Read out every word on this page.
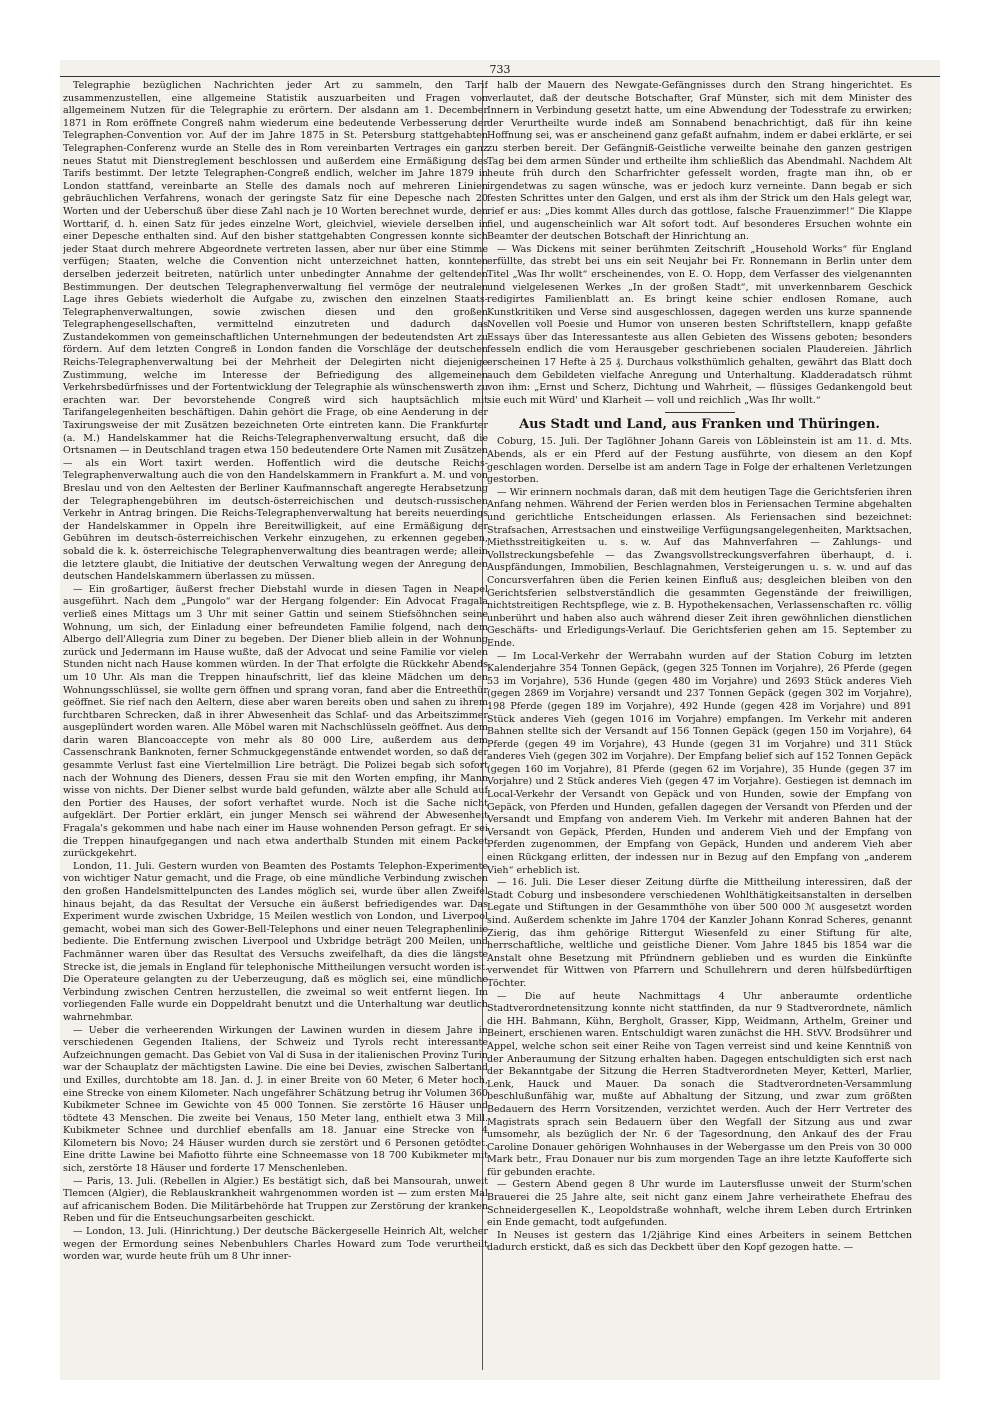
733

Telegraphie bezüglichen Nachrichten jeder Art zu sammeln, den Tarif zusammenzustellen, eine allgemeine Statistik auszuarbeiten und Fragen von allgemeinem Nutzen für die Telegraphie zu erörtern. Der alsdann am 1. December 1871 in Rom eröffnete Congreß nahm wiederum eine bedeutende Verbesserung der Telegraphen-Convention vor. Auf der im Jahre 1875 in St. Petersburg stattgehabten Telegraphen-Conferenz wurde an Stelle des in Rom vereinbarten Vertrages ein ganz neues Statut mit Dienstreglement beschlossen und außerdem eine Ermäßigung des Tarifs bestimmt. Der letzte Telegraphen-Congreß endlich, welcher im Jahre 1879 in London stattfand, vereinbarte an Stelle des damals noch auf mehreren Linien gebräuchlichen Verfahrens, wonach der geringste Satz für eine Depesche nach 20 Worten und der Ueberschuß über diese Zahl nach je 10 Worten berechnet wurde, den Worttarif, d. h. einen Satz für jedes einzelne Wort, gleichviel, wieviele derselben in einer Depesche enthalten sind. Auf den bisher stattgehabten Congressen konnte sich jeder Staat durch mehrere Abgeordnete vertreten lassen, aber nur über eine Stimme verfügen; Staaten, welche die Convention nicht unterzeichnet hatten, konnten derselben jederzeit beitreten, natürlich unter unbedingter Annahme der geltenden Bestimmungen. Der deutschen Telegraphenverwaltung fiel vermöge der neutralen Lage ihres Gebiets wiederholt die Aufgabe zu, zwischen den einzelnen Staats-Telegraphenverwaltungen, sowie zwischen diesen und den großen Telegraphengesellschaften, vermittelnd einzutreten und dadurch das Zustandekommen von gemeinschaftlichen Unternehmungen der bedeutendsten Art zu fördern. Auf dem letzten Congreß in London fanden die Vorschläge der deutschen Reichs-Telegraphenverwaltung bei der Mehrheit der Delegirten nicht diejenige Zustimmung, welche im Interesse der Befriedigung des allgemeinen Verkehrsbedürfnisses und der Fortentwicklung der Telegraphie als wünschenswerth zu erachten war. Der bevorstehende Congreß wird sich hauptsächlich mit Tarifangelegenheiten beschäftigen. Dahin gehört die Frage, ob eine Aenderung in der Taxirungsweise der mit Zusätzen bezeichneten Orte eintreten kann. Die Frankfurter (a. M.) Handelskammer hat die Reichs-Telegraphenverwaltung ersucht, daß die Ortsnamen — in Deutschland tragen etwa 150 bedeutendere Orte Namen mit Zusätzen — als ein Wort taxirt werden. Hoffentlich wird die deutsche Reichs-Telegraphenverwaltung auch die von den Handelskammern in Frankfurt a. M. und von Breslau und von den Aeltesten der Berliner Kaufmannschaft angeregte Herabsetzung der Telegraphengebühren im deutsch-österreichischen und deutsch-russischen Verkehr in Antrag bringen. Die Reichs-Telegraphenverwaltung hat bereits neuerdings der Handelskammer in Oppeln ihre Bereitwilligkeit, auf eine Ermäßigung der Gebühren im deutsch-österreichischen Verkehr einzugehen, zu erkennen gegeben, sobald die k. k. österreichische Telegraphenverwaltung dies beantragen werde; allein die letztere glaubt, die Initiative der deutschen Verwaltung wegen der Anregung den deutschen Handelskammern überlassen zu müssen.

— Ein großartiger, äußerst frecher Diebstahl wurde in diesen Tagen in Neapel ausgeführt. Nach dem „Pungolo“ war der Hergang folgender: Ein Advocat Fragala verließ eines Mittags um 3 Uhr mit seiner Gattin und seinem Stiefsöhnchen seine Wohnung, um sich, der Einladung einer befreundeten Familie folgend, nach dem Albergo dell'Allegria zum Diner zu begeben. Der Diener blieb allein in der Wohnung zurück und Jedermann im Hause wußte, daß der Advocat und seine Familie vor vielen Stunden nicht nach Hause kommen würden. In der That erfolgte die Rückkehr Abends um 10 Uhr. Als man die Treppen hinaufschritt, lief das kleine Mädchen um den Wohnungsschlüssel, sie wollte gern öffnen und sprang voran, fand aber die Entreethür geöffnet. Sie rief nach den Aeltern, diese aber waren bereits oben und sahen zu ihrem furchtbaren Schrecken, daß in ihrer Abwesenheit das Schlaf- und das Arbeitszimmer ausgeplündert worden waren. Alle Möbel waren mit Nachschlüsseln geöffnet. Aus dem darin waren Blancoaccepte von mehr als 80 000 Lire, außerdem aus dem Cassenschrank Banknoten, ferner Schmuckgegenstände entwendet worden, so daß der gesammte Verlust fast eine Viertelmillion Lire beträgt. Die Polizei begab sich sofort nach der Wohnung des Dieners, dessen Frau sie mit den Worten empfing, ihr Mann wisse von nichts. Der Diener selbst wurde bald gefunden, wälzte aber alle Schuld auf den Portier des Hauses, der sofort verhaftet wurde. Noch ist die Sache nicht aufgeklärt. Der Portier erklärt, ein junger Mensch sei während der Abwesenheit Fragala's gekommen und habe nach einer im Hause wohnenden Person gefragt. Er sei die Treppen hinaufgegangen und nach etwa anderthalb Stunden mit einem Packet zurückgekehrt.

London, 11. Juli. Gestern wurden von Beamten des Postamts Telephon-Experimente von wichtiger Natur gemacht, und die Frage, ob eine mündliche Verbindung zwischen den großen Handelsmittelpuncten des Landes möglich sei, wurde über allen Zweifel hinaus bejaht, da das Resultat der Versuche ein äußerst befriedigendes war. Das Experiment wurde zwischen Uxbridge, 15 Meilen westlich von London, und Liverpool gemacht, wobei man sich des Gower-Bell-Telephons und einer neuen Telegraphenlinie bediente. Die Entfernung zwischen Liverpool und Uxbridge beträgt 200 Meilen, und Fachmänner waren über das Resultat des Versuchs zweifelhaft, da dies die längste Strecke ist, die jemals in England für telephonische Mittheilungen versucht worden ist. Die Operateure gelangten zu der Ueberzeugung, daß es möglich sei, eine mündliche Verbindung zwischen Centren herzustellen, die zweimal so weit entfernt liegen. Im vorliegenden Falle wurde ein Doppeldraht benutzt und die Unterhaltung war deutlich wahrnehmbar.

— Ueber die verheerenden Wirkungen der Lawinen wurden in diesem Jahre in verschiedenen Gegenden Italiens, der Schweiz und Tyrols recht interessante Aufzeichnungen gemacht. Das Gebiet von Val di Susa in der italienischen Provinz Turin war der Schauplatz der mächtigsten Lawine. Die eine bei Devies, zwischen Salbertand und Exilles, durchtobte am 18. Jan. d. J. in einer Breite von 60 Meter, 6 Meter hoch, eine Strecke von einem Kilometer. Nach ungefährer Schätzung betrug ihr Volumen 360 Kubikmeter Schnee im Gewichte von 45 000 Tonnen. Sie zerstörte 16 Häuser und tödtete 43 Menschen. Die zweite bei Venaus, 150 Meter lang, enthielt etwa 3 Mill. Kubikmeter Schnee und durchlief ebenfalls am 18. Januar eine Strecke von 4 Kilometern bis Novo; 24 Häuser wurden durch sie zerstört und 6 Personen getödtet. Eine dritte Lawine bei Mafiotto führte eine Schneemasse von 18 700 Kubikmeter mit sich, zerstörte 18 Häuser und forderte 17 Menschenleben.

— Paris, 13. Juli. (Rebellen in Algier.) Es bestätigt sich, daß bei Mansourah, unweit Tlemcen (Algier), die Reblauskrankheit wahrgenommen worden ist — zum ersten Mal auf africanischem Boden. Die Militärbehörde hat Truppen zur Zerstörung der kranken Reben und für die Entseuchungsarbeiten geschickt.

— London, 13. Juli. (Hinrichtung.) Der deutsche Bäckergeselle Heinrich Alt, welcher wegen der Ermordung seines Nebenbuhlers Charles Howard zum Tode verurtheilt worden war, wurde heute früh um 8 Uhr inner-

halb der Mauern des Newgate-Gefängnisses durch den Strang hingerichtet. Es verlautet, daß der deutsche Botschafter, Graf Münster, sich mit dem Minister des Innern in Verbindung gesetzt hatte, um eine Abwendung der Todesstrafe zu erwirken; der Verurtheilte wurde indeß am Sonnabend benachrichtigt, daß für ihn keine Hoffnung sei, was er anscheinend ganz gefaßt aufnahm, indem er dabei erklärte, er sei zu sterben bereit. Der Gefängniß-Geistliche verweilte beinahe den ganzen gestrigen Tag bei dem armen Sünder und ertheilte ihm schließlich das Abendmahl. Nachdem Alt heute früh durch den Scharfrichter gefesselt worden, fragte man ihn, ob er irgendetwas zu sagen wünsche, was er jedoch kurz verneinte. Dann begab er sich festen Schrittes unter den Galgen, und erst als ihm der Strick um den Hals gelegt war, rief er aus: „Dies kommt Alles durch das gottlose, falsche Frauenzimmer!“ Die Klappe fiel, und augenscheinlich war Alt sofort todt. Auf besonderes Ersuchen wohnte ein Beamter der deutschen Botschaft der Hinrichtung an.

— Was Dickens mit seiner berühmten Zeitschrift „Household Works“ für England erfüllte, das strebt bei uns ein seit Neujahr bei Fr. Ronnemann in Berlin unter dem Titel „Was Ihr wollt“ erscheinendes, von E. O. Hopp, dem Verfasser des vielgenannten und vielgelesenen Werkes „In der großen Stadt“, mit unverkennbarem Geschick redigirtes Familienblatt an. Es bringt keine schier endlosen Romane, auch Kunstkritiken und Verse sind ausgeschlossen, dagegen werden uns kurze spannende Novellen voll Poesie und Humor von unseren besten Schriftstellern, knapp gefaßte Essays über das Interessanteste aus allen Gebieten des Wissens geboten; besonders fesseln endlich die vom Herausgeber geschriebenen socialen Plaudereien. Jährlich erscheinen 17 Hefte à 25 ₰. Durchaus volksthümlich gehalten, gewährt das Blatt doch auch dem Gebildeten vielfache Anregung und Unterhaltung. Kladderadatsch rühmt von ihm: „Ernst und Scherz, Dichtung und Wahrheit, — flüssiges Gedankengold beut sie euch mit Würd' und Klarheit — voll und reichlich „Was Ihr wollt.“

Aus Stadt und Land, aus Franken und Thüringen.

Coburg, 15. Juli. Der Taglöhner Johann Gareis von Löbleinstein ist am 11. d. Mts. Abends, als er ein Pferd auf der Festung ausführte, von diesem an den Kopf geschlagen worden. Derselbe ist am andern Tage in Folge der erhaltenen Verletzungen gestorben.

— Wir erinnern nochmals daran, daß mit dem heutigen Tage die Gerichtsferien ihren Anfang nehmen. Während der Ferien werden blos in Feriensachen Termine abgehalten und gerichtliche Entscheidungen erlassen. Als Feriensachen sind bezeichnet: Strafsachen, Arrestsachen und einstweilige Verfügungsangelegenheiten, Marktsachen, Miethsstreitigkeiten u. s. w. Auf das Mahnverfahren — Zahlungs- und Vollstreckungsbefehle — das Zwangsvollstreckungsverfahren überhaupt, d. i. Auspfändungen, Immobilien, Beschlagnahmen, Versteigerungen u. s. w. und auf das Concursverfahren üben die Ferien keinen Einfluß aus; desgleichen bleiben von den Gerichtsferien selbstverständlich die gesammten Gegenstände der freiwilligen, nichtstreitigen Rechtspflege, wie z. B. Hypothekensachen, Verlassenschaften rc. völlig unberührt und haben also auch während dieser Zeit ihren gewöhnlichen dienstlichen Geschäfts- und Erledigungs-Verlauf. Die Gerichtsferien gehen am 15. September zu Ende.

— Im Local-Verkehr der Werrabahn wurden auf der Station Coburg im letzten Kalenderjahre 354 Tonnen Gepäck, (gegen 325 Tonnen im Vorjahre), 26 Pferde (gegen 53 im Vorjahre), 536 Hunde (gegen 480 im Vorjahre) und 2693 Stück anderes Vieh (gegen 2869 im Vorjahre) versandt und 237 Tonnen Gepäck (gegen 302 im Vorjahre), 198 Pferde (gegen 189 im Vorjahre), 492 Hunde (gegen 428 im Vorjahre) und 891 Stück anderes Vieh (gegen 1016 im Vorjahre) empfangen. Im Verkehr mit anderen Bahnen stellte sich der Versandt auf 156 Tonnen Gepäck (gegen 150 im Vorjahre), 64 Pferde (gegen 49 im Vorjahre), 43 Hunde (gegen 31 im Vorjahre) und 311 Stück anderes Vieh (gegen 302 im Vorjahre). Der Empfang belief sich auf 152 Tonnen Gepäck (gegen 160 im Vorjahre), 81 Pferde (gegen 62 im Vorjahre), 35 Hunde (gegen 37 im Vorjahre) und 2 Stück anderes Vieh (gegen 47 im Vorjahre). Gestiegen ist demnach im Local-Verkehr der Versandt von Gepäck und von Hunden, sowie der Empfang von Gepäck, von Pferden und Hunden, gefallen dagegen der Versandt von Pferden und der Versandt und Empfang von anderem Vieh. Im Verkehr mit anderen Bahnen hat der Versandt von Gepäck, Pferden, Hunden und anderem Vieh und der Empfang von Pferden zugenommen, der Empfang von Gepäck, Hunden und anderem Vieh aber einen Rückgang erlitten, der indessen nur in Bezug auf den Empfang von „anderem Vieh“ erheblich ist.

— 16. Juli. Die Leser dieser Zeitung dürfte die Mittheilung interessiren, daß der Stadt Coburg und insbesondere verschiedenen Wohlthätigkeitsanstalten in derselben Legate und Stiftungen in der Gesammthöhe von über 500 000 ℳ ausgesetzt worden sind. Außerdem schenkte im Jahre 1704 der Kanzler Johann Konrad Scheres, genannt Zierig, das ihm gehörige Rittergut Wiesenfeld zu einer Stiftung für alte, herrschaftliche, weltliche und geistliche Diener. Vom Jahre 1845 bis 1854 war die Anstalt ohne Besetzung mit Pfründnern geblieben und es wurden die Einkünfte verwendet für Wittwen von Pfarrern und Schullehrern und deren hülfsbedürftigen Töchter.

— Die auf heute Nachmittags 4 Uhr anberaumte ordentliche Stadtverordnetensitzung konnte nicht stattfinden, da nur 9 Stadtverordnete, nämlich die HH. Bahmann, Kühn, Bergholt, Grasser, Kipp, Weidmann, Arthelm, Greiner und Beinert, erschienen waren. Entschuldigt waren zunächst die HH. StVV. Brodsührer und Appel, welche schon seit einer Reihe von Tagen verreist sind und keine Kenntniß von der Anberaumung der Sitzung erhalten haben. Dagegen entschuldigten sich erst nach der Bekanntgabe der Sitzung die Herren Stadtverordneten Meyer, Ketterl, Marlier, Lenk, Hauck und Mauer. Da sonach die Stadtverordneten-Versammlung beschlußunfähig war, mußte auf Abhaltung der Sitzung, und zwar zum größten Bedauern des Herrn Vorsitzenden, verzichtet werden. Auch der Herr Vertreter des Magistrats sprach sein Bedauern über den Wegfall der Sitzung aus und zwar umsomehr, als bezüglich der Nr. 6 der Tagesordnung, den Ankauf des der Frau Caroline Donauer gehörigen Wohnhauses in der Webergasse um den Preis von 30 000 Mark betr., Frau Donauer nur bis zum morgenden Tage an ihre letzte Kaufofferte sich für gebunden erachte.

— Gestern Abend gegen 8 Uhr wurde im Lautersflusse unweit der Sturm'schen Brauerei die 25 Jahre alte, seit nicht ganz einem Jahre verheirathete Ehefrau des Schneidergesellen K., Leopoldstraße wohnhaft, welche ihrem Leben durch Ertrinken ein Ende gemacht, todt aufgefunden.

In Neuses ist gestern das 1/2jährige Kind eines Arbeiters in seinem Bettchen dadurch erstickt, daß es sich das Deckbett über den Kopf gezogen hatte. —
